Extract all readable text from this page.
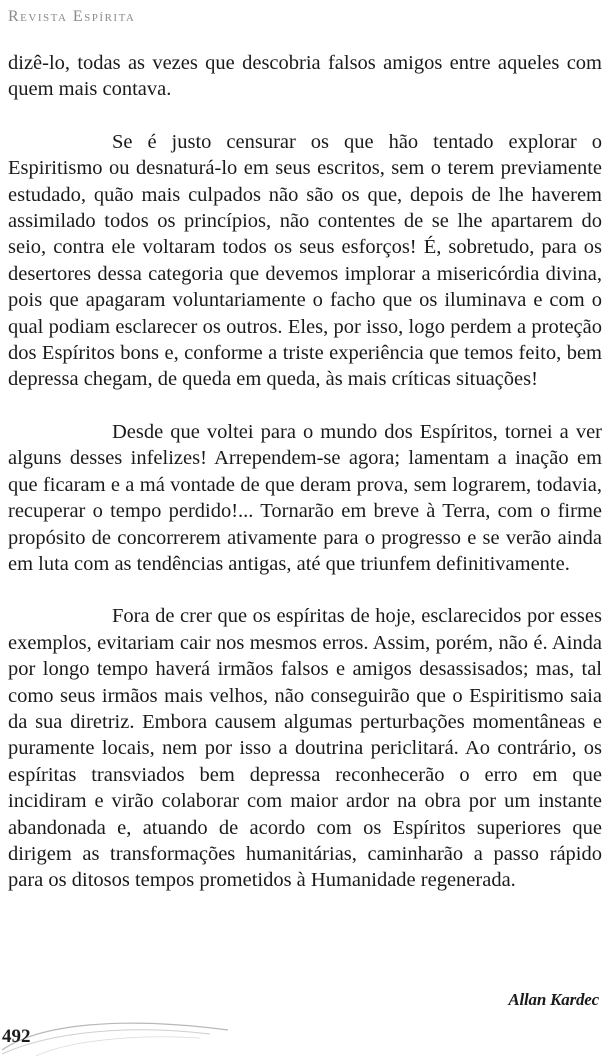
Revista Espírita

dizê-lo, todas as vezes que descobria falsos amigos entre aqueles com quem mais contava.

Se é justo censurar os que hão tentado explorar o Espiritismo ou desnaturá-lo em seus escritos, sem o terem previamente estudado, quão mais culpados não são os que, depois de lhe haverem assimilado todos os princípios, não contentes de se lhe apartarem do seio, contra ele voltaram todos os seus esforços! É, sobretudo, para os desertores dessa categoria que devemos implorar a misericórdia divina, pois que apagaram voluntariamente o facho que os iluminava e com o qual podiam esclarecer os outros. Eles, por isso, logo perdem a proteção dos Espíritos bons e, conforme a triste experiência que temos feito, bem depressa chegam, de queda em queda, às mais críticas situações!

Desde que voltei para o mundo dos Espíritos, tornei a ver alguns desses infelizes! Arrependem-se agora; lamentam a inação em que ficaram e a má vontade de que deram prova, sem lograrem, todavia, recuperar o tempo perdido!... Tornarão em breve à Terra, com o firme propósito de concorrerem ativamente para o progresso e se verão ainda em luta com as tendências antigas, até que triunfem definitivamente.

Fora de crer que os espíritas de hoje, esclarecidos por esses exemplos, evitariam cair nos mesmos erros. Assim, porém, não é. Ainda por longo tempo haverá irmãos falsos e amigos desassisados; mas, tal como seus irmãos mais velhos, não conseguirão que o Espiritismo saia da sua diretriz. Embora causem algumas perturbações momentâneas e puramente locais, nem por isso a doutrina periclitará. Ao contrário, os espíritas transviados bem depressa reconhecerão o erro em que incidiram e virão colaborar com maior ardor na obra por um instante abandonada e, atuando de acordo com os Espíritos superiores que dirigem as transformações humanitárias, caminharão a passo rápido para os ditosos tempos prometidos à Humanidade regenerada.

Allan Kardec
492
